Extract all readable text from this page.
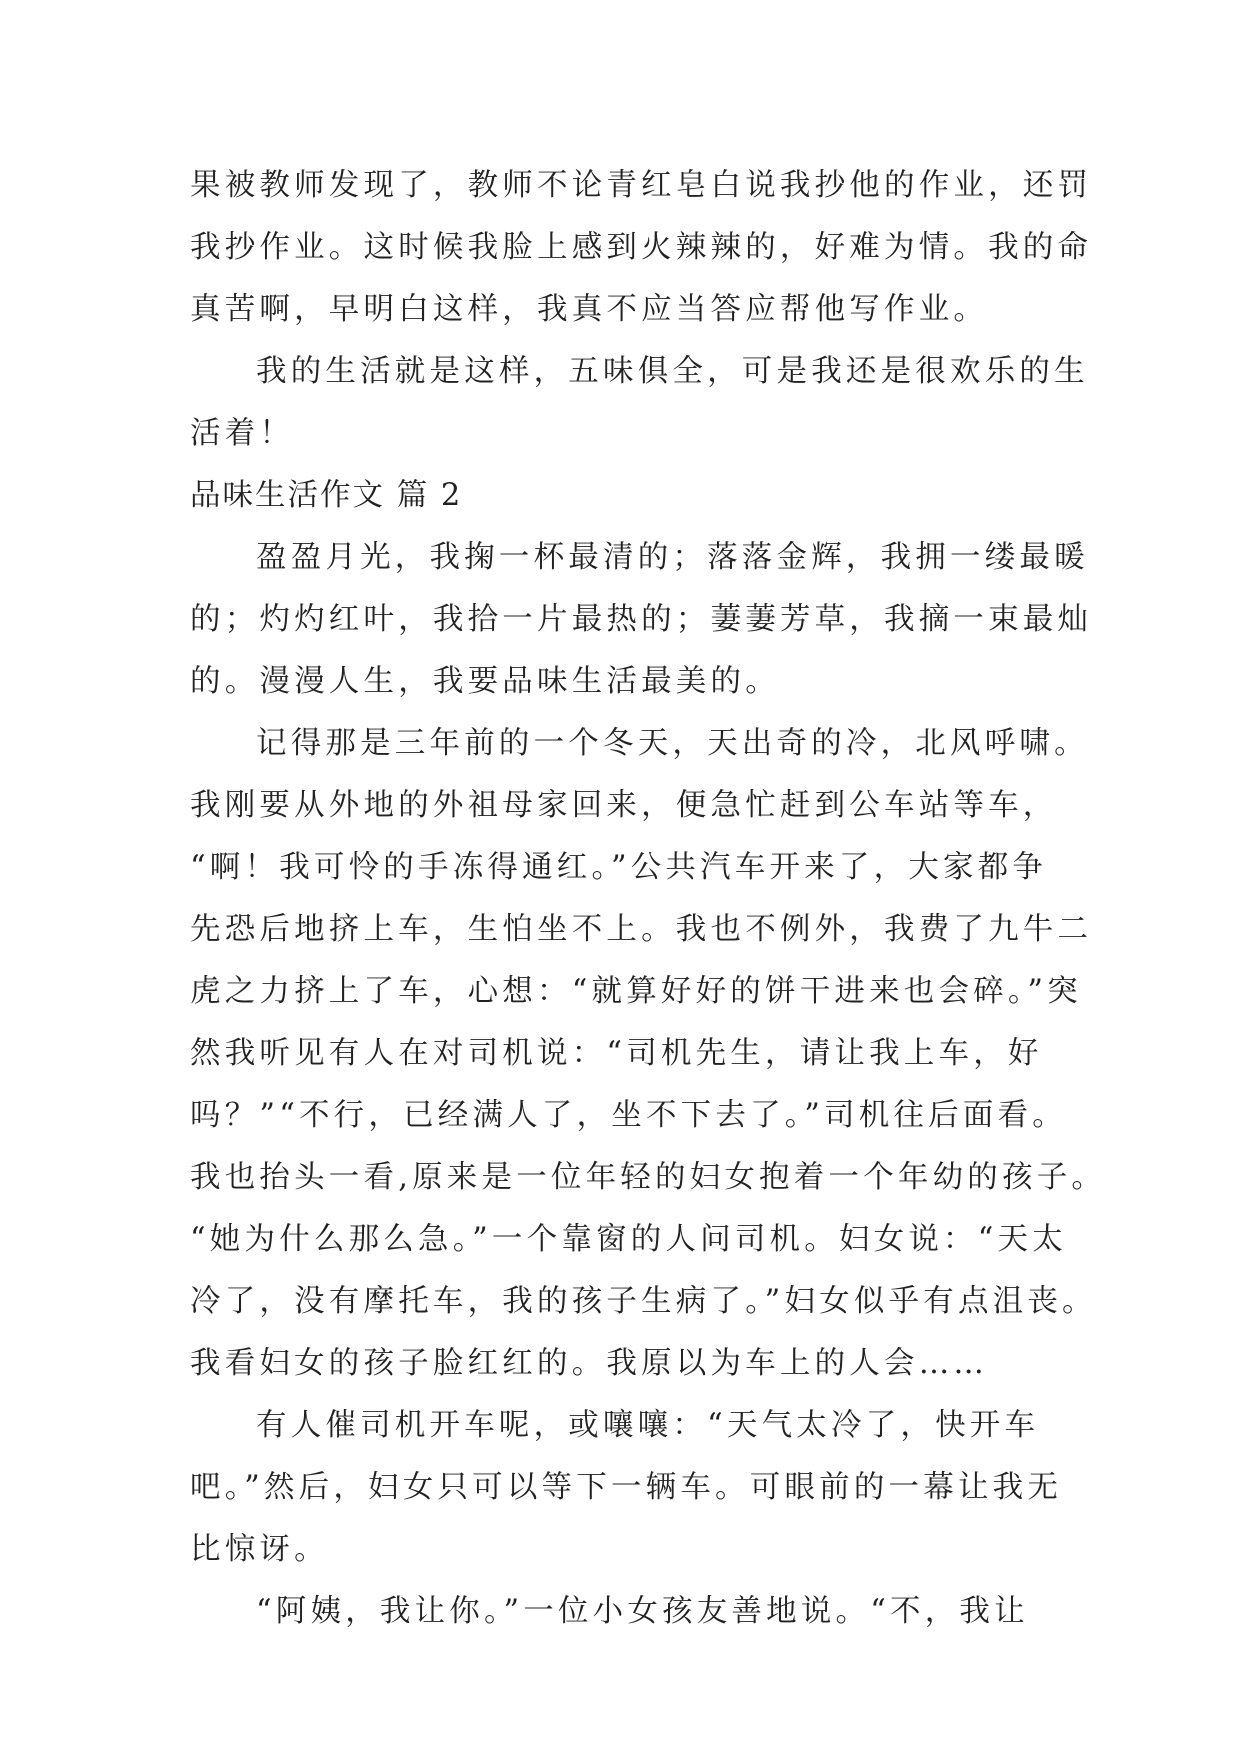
果被教师发现了，教师不论青红皂白说我抄他的作业，还罚
我抄作业。这时候我脸上感到火辣辣的，好难为情。我的命
真苦啊，早明白这样，我真不应当答应帮他写作业。
我的生活就是这样，五味俱全，可是我还是很欢乐的生
活着！
品味生活作文 篇 2
盈盈月光，我掬一杯最清的；落落金辉，我拥一缕最暖
的；灼灼红叶，我拾一片最热的；萋萋芳草，我摘一束最灿
的。漫漫人生，我要品味生活最美的。
记得那是三年前的一个冬天，天出奇的冷，北风呼啸。
我刚要从外地的外祖母家回来，便急忙赶到公车站等车，
“啊！我可怜的手冻得通红。”公共汽车开来了，大家都争
先恐后地挤上车，生怕坐不上。我也不例外，我费了九牛二
虎之力挤上了车，心想：“就算好好的饼干进来也会碎。”突
然我听见有人在对司机说：“司机先生，请让我上车，好
吗？”“不行，已经满人了，坐不下去了。”司机往后面看。
我也抬头一看,原来是一位年轻的妇女抱着一个年幼的孩子。
“她为什么那么急。”一个靠窗的人问司机。妇女说：“天太
冷了，没有摩托车，我的孩子生病了。”妇女似乎有点沮丧。
我看妇女的孩子脸红红的。我原以为车上的人会……
有人催司机开车呢，或嚷嚷：“天气太冷了，快开车
吧。”然后，妇女只可以等下一辆车。可眼前的一幕让我无
比惊讶。
“阿姨，我让你。”一位小女孩友善地说。“不，我让
